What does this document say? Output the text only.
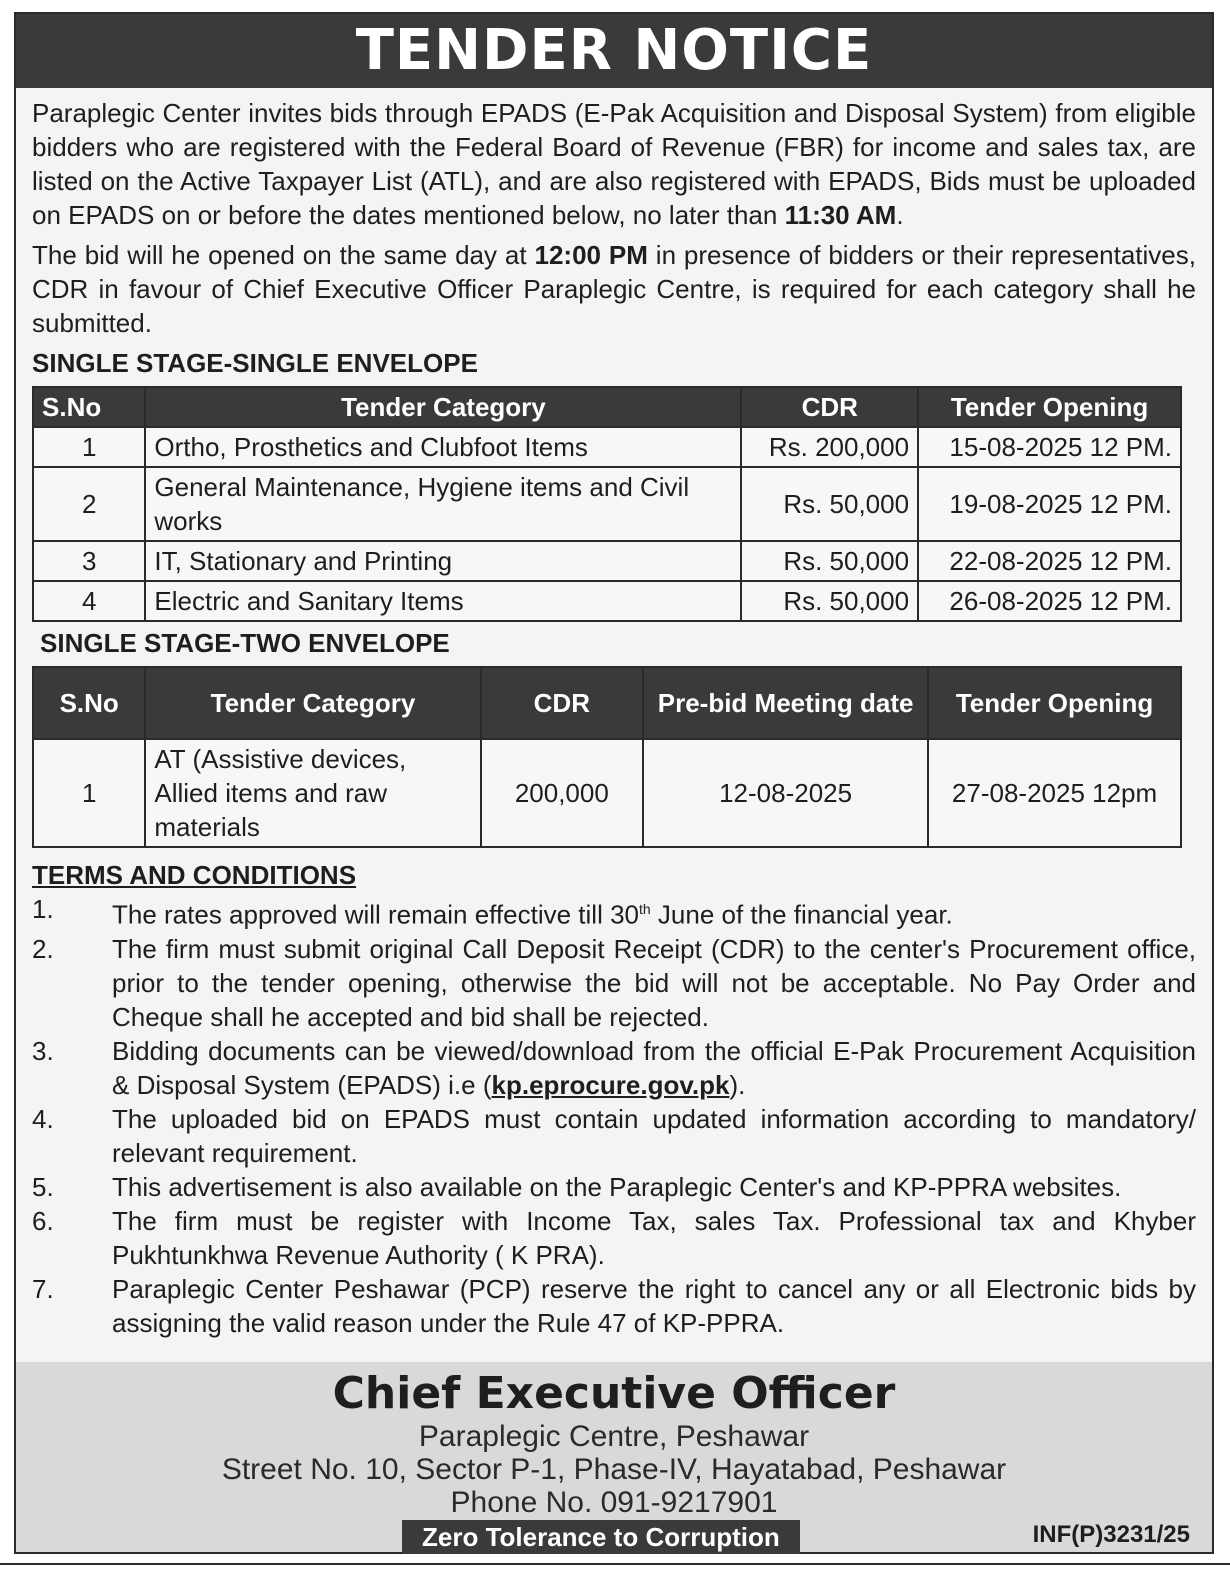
TENDER NOTICE

Paraplegic Center invites bids through EPADS (E-Pak Acquisition and Disposal System) from eligible bidders who are registered with the Federal Board of Revenue (FBR) for income and sales tax, are listed on the Active Taxpayer List (ATL), and are also registered with EPADS, Bids must be uploaded on EPADS on or before the dates mentioned below, no later than 11:30 AM.

The bid will he opened on the same day at 12:00 PM in presence of bidders or their representatives, CDR in favour of Chief Executive Officer Paraplegic Centre, is required for each category shall he submitted.

SINGLE STAGE-SINGLE ENVELOPE
S.No	Tender Category	CDR	Tender Opening
1	Ortho, Prosthetics and Clubfoot Items	Rs. 200,000	15-08-2025 12 PM.
2	General Maintenance, Hygiene items and Civil works	Rs. 50,000	19-08-2025 12 PM.
3	IT, Stationary and Printing	Rs. 50,000	22-08-2025 12 PM.
4	Electric and Sanitary Items	Rs. 50,000	26-08-2025 12 PM.
SINGLE STAGE-TWO ENVELOPE
S.No	Tender Category	CDR	Pre-bid Meeting date	Tender Opening
1	AT (Assistive devices, Allied items and raw materials	200,000	12-08-2025	27-08-2025 12pm
TERMS AND CONDITIONS
1.	The rates approved will remain effective till 30th June of the financial year.
2.	The firm must submit original Call Deposit Receipt (CDR) to the center's Procurement office, prior to the tender opening, otherwise the bid will not be acceptable. No Pay Order and Cheque shall he accepted and bid shall be rejected.
3.	Bidding documents can be viewed/download from the official E-Pak Procurement Acquisition & Disposal System (EPADS) i.e (kp.eprocure.gov.pk).
4.	The uploaded bid on EPADS must contain updated information according to mandatory/ relevant requirement.
5.	This advertisement is also available on the Paraplegic Center's and KP-PPRA websites.
6.	The firm must be register with Income Tax, sales Tax. Professional tax and Khyber Pukhtunkhwa Revenue Authority ( K PRA).
7.	Paraplegic Center Peshawar (PCP) reserve the right to cancel any or all Electronic bids by assigning the valid reason under the Rule 47 of KP-PPRA.
Chief Executive Officer
Paraplegic Centre, Peshawar
Street No. 10, Sector P-1, Phase-IV, Hayatabad, Peshawar
Phone No. 091-9217901
Zero Tolerance to Corruption	INF(P)3231/25
